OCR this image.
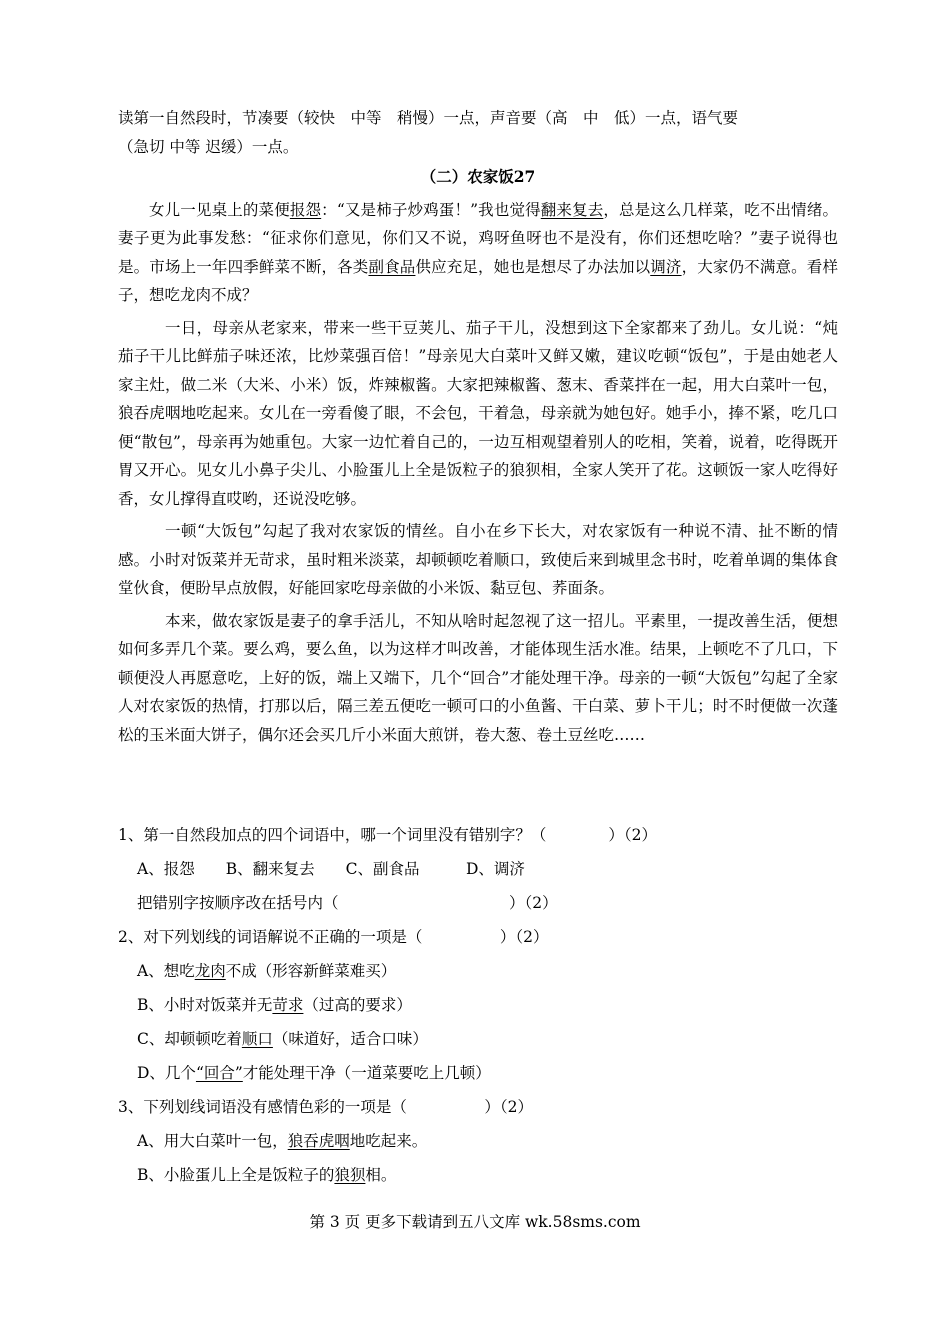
读第一自然段时，节凑要（较快　中等　稍慢）一点，声音要（高　中　低）一点，语气要

（急切 中等 迟缓）一点。

（二）农家饭27

女儿一见桌上的菜便报怨：“又是柿子炒鸡蛋！”我也觉得翻来复去，总是这么几样菜，吃不出情绪。妻子更为此事发愁：“征求你们意见，你们又不说，鸡呀鱼呀也不是没有，你们还想吃啥？”妻子说得也是。市场上一年四季鲜菜不断，各类副食品供应充足，她也是想尽了办法加以调济，大家仍不满意。看样子，想吃龙肉不成？

一日，母亲从老家来，带来一些干豆荚儿、茄子干儿，没想到这下全家都来了劲儿。女儿说：“炖茄子干儿比鲜茄子味还浓，比炒菜强百倍！”母亲见大白菜叶又鲜又嫩，建议吃顿“饭包”，于是由她老人家主灶，做二米（大米、小米）饭，炸辣椒酱。大家把辣椒酱、葱末、香菜拌在一起，用大白菜叶一包，狼吞虎咽地吃起来。女儿在一旁看傻了眼，不会包，干着急，母亲就为她包好。她手小，捧不紧，吃几口便“散包”，母亲再为她重包。大家一边忙着自己的，一边互相观望着别人的吃相，笑着，说着，吃得既开胃又开心。见女儿小鼻子尖儿、小脸蛋儿上全是饭粒子的狼狈相，全家人笑开了花。这顿饭一家人吃得好香，女儿撑得直哎哟，还说没吃够。

一顿“大饭包”勾起了我对农家饭的情丝。自小在乡下长大，对农家饭有一种说不清、扯不断的情感。小时对饭菜并无苛求，虽时粗米淡菜，却顿顿吃着顺口，致使后来到城里念书时，吃着单调的集体食堂伙食，便盼早点放假，好能回家吃母亲做的小米饭、黏豆包、荞面条。

本来，做农家饭是妻子的拿手活儿，不知从啥时起忽视了这一招儿。平素里，一提改善生活，便想如何多弄几个菜。要么鸡，要么鱼，以为这样才叫改善，才能体现生活水准。结果，上顿吃不了几口，下顿便没人再愿意吃，上好的饭，端上又端下，几个“回合”才能处理干净。母亲的一顿“大饭包”勾起了全家人对农家饭的热情，打那以后，隔三差五便吃一顿可口的小鱼酱、干白菜、萝卜干儿；时不时便做一次蓬松的玉米面大饼子，偶尔还会买几斤小米面大煎饼，卷大葱、卷土豆丝吃……

1、第一自然段加点的四个词语中，哪一个词里没有错别字？（　　　　）（2）

A、报怨　　B、翻来复去　　C、副食品　　　D、调济

把错别字按顺序改在括号内（　　　　　　　　　　　）（2）

2、对下列划线的词语解说不正确的一项是（　　　　　）（2）

A、想吃龙肉不成（形容新鲜菜难买）

B、小时对饭菜并无苛求（过高的要求）

C、却顿顿吃着顺口（味道好，适合口味）

D、几个“回合”才能处理干净（一道菜要吃上几顿）

3、下列划线词语没有感情色彩的一项是（　　　　　）（2）

A、用大白菜叶一包，狼吞虎咽地吃起来。

B、小脸蛋儿上全是饭粒子的狼狈相。

第 3 页 更多下载请到五八文库 wk.58sms.com
